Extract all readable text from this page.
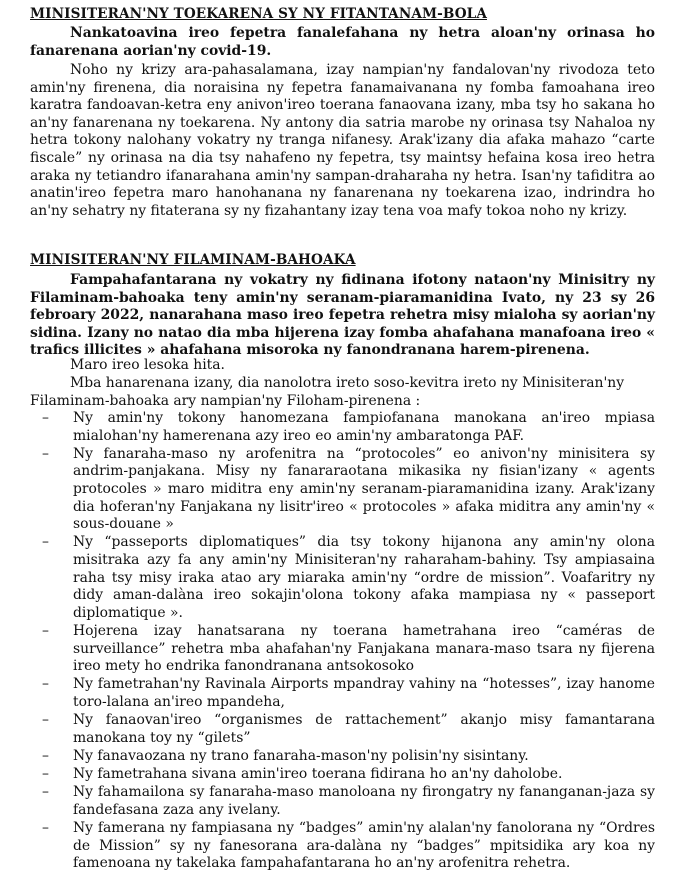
MINISITERAN'NY TOEKARENA SY NY FITANTANAM-BOLA
Nankatoavina ireo fepetra fanalefahana ny hetra aloan'ny orinasa ho fanarenana aorian'ny covid-19.
Noho ny krizy ara-pahasalamana, izay nampian'ny fandalovan'ny rivodoza teto amin'ny firenena, dia noraisina ny fepetra fanamaivanana ny fomba famoahana ireo karatra fandoavan-ketra eny anivon'ireo toerana fanaovana izany, mba tsy ho sakana ho an'ny fanarenana ny toekarena. Ny antony dia satria marobe ny orinasa tsy Nahaloa ny hetra tokony nalohany vokatry ny tranga nifanesy. Arak'izany dia afaka mahazo “carte fiscale” ny orinasa na dia tsy nahafeno ny fepetra, tsy maintsy hefaina kosa ireo hetra araka ny tetiandro ifanarahana amin'ny sampan-draharaha ny hetra. Isan'ny tafiditra ao anatin'ireo fepetra maro hanohanana ny fanarenana ny toekarena izao, indrindra ho an'ny sehatry ny fitaterana sy ny fizahantany izay tena voa mafy tokoa noho ny krizy.
MINISITERAN'NY FILAMINAM-BAHOAKA
Fampahafantarana ny vokatry ny fidinana ifotony nataon'ny Minisitry ny Filaminam-bahoaka teny amin'ny seranam-piaramanidina Ivato, ny 23 sy 26 febroary 2022, nanarahana maso ireo fepetra rehetra misy mialoha sy aorian'ny sidina. Izany no natao dia mba hijerena izay fomba ahafahana manafoana ireo « trafics illicites » ahafahana misoroka ny fanondranana harem-pirenena.
Maro ireo lesoka hita.
Mba hanarenana izany, dia nanolotra ireto soso-kevitra ireto ny Minisiteran'ny Filaminam-bahoaka ary nampian'ny Filoham-pirenena :
– Ny amin'ny tokony hanomezana fampiofanana manokana an'ireo mpiasa mialohan'ny hamerenana azy ireo eo amin'ny ambaratonga PAF.
– Ny fanaraha-maso ny arofenitra na “protocoles” eo anivon'ny minisitera sy andrim-panjakana. Misy ny fanararaotana mikasika ny fisian'izany « agents protocoles » maro miditra eny amin'ny seranam-piaramanidina izany. Arak'izany dia hoferan'ny Fanjakana ny lisitr'ireo « protocoles » afaka miditra any amin'ny « sous-douane »
– Ny “passeports diplomatiques” dia tsy tokony hijanona any amin'ny olona misitraka azy fa any amin'ny Minisiteran'ny raharaham-bahiny. Tsy ampiasaina raha tsy misy iraka atao ary miaraka amin'ny “ordre de mission”. Voafaritry ny didy aman-dalàna ireo sokajin'olona tokony afaka mampiasa ny « passeport diplomatique ».
– Hojerena izay hanatsarana ny toerana hametrahana ireo “caméras de surveillance” rehetra mba ahafahan'ny Fanjakana manara-maso tsara ny fijerena ireo mety ho endrika fanondranana antsokosoko
– Ny fametrahan'ny Ravinala Airports mpandray vahiny na “hotesses”, izay hanome toro-lalana an'ireo mpandeha,
– Ny fanaovan'ireo “organismes de rattachement” akanjo misy famantarana manokana toy ny “gilets”
– Ny fanavaozana ny trano fanaraha-mason'ny polisin'ny sisintany.
– Ny fametrahana sivana amin'ireo toerana fidirana ho an'ny daholobe.
– Ny fahamailona sy fanaraha-maso manoloana ny firongatry ny fananganan-jaza sy fandefasana zaza any ivelany.
– Ny famerana ny fampiasana ny “badges” amin'ny alalan'ny fanolorana ny “Ordres de Mission” sy ny fanesorana ara-dalàna ny “badges” mpitsidika ary koa ny famenoana ny takelaka fampahafantarana ho an'ny arofenitra rehetra.
